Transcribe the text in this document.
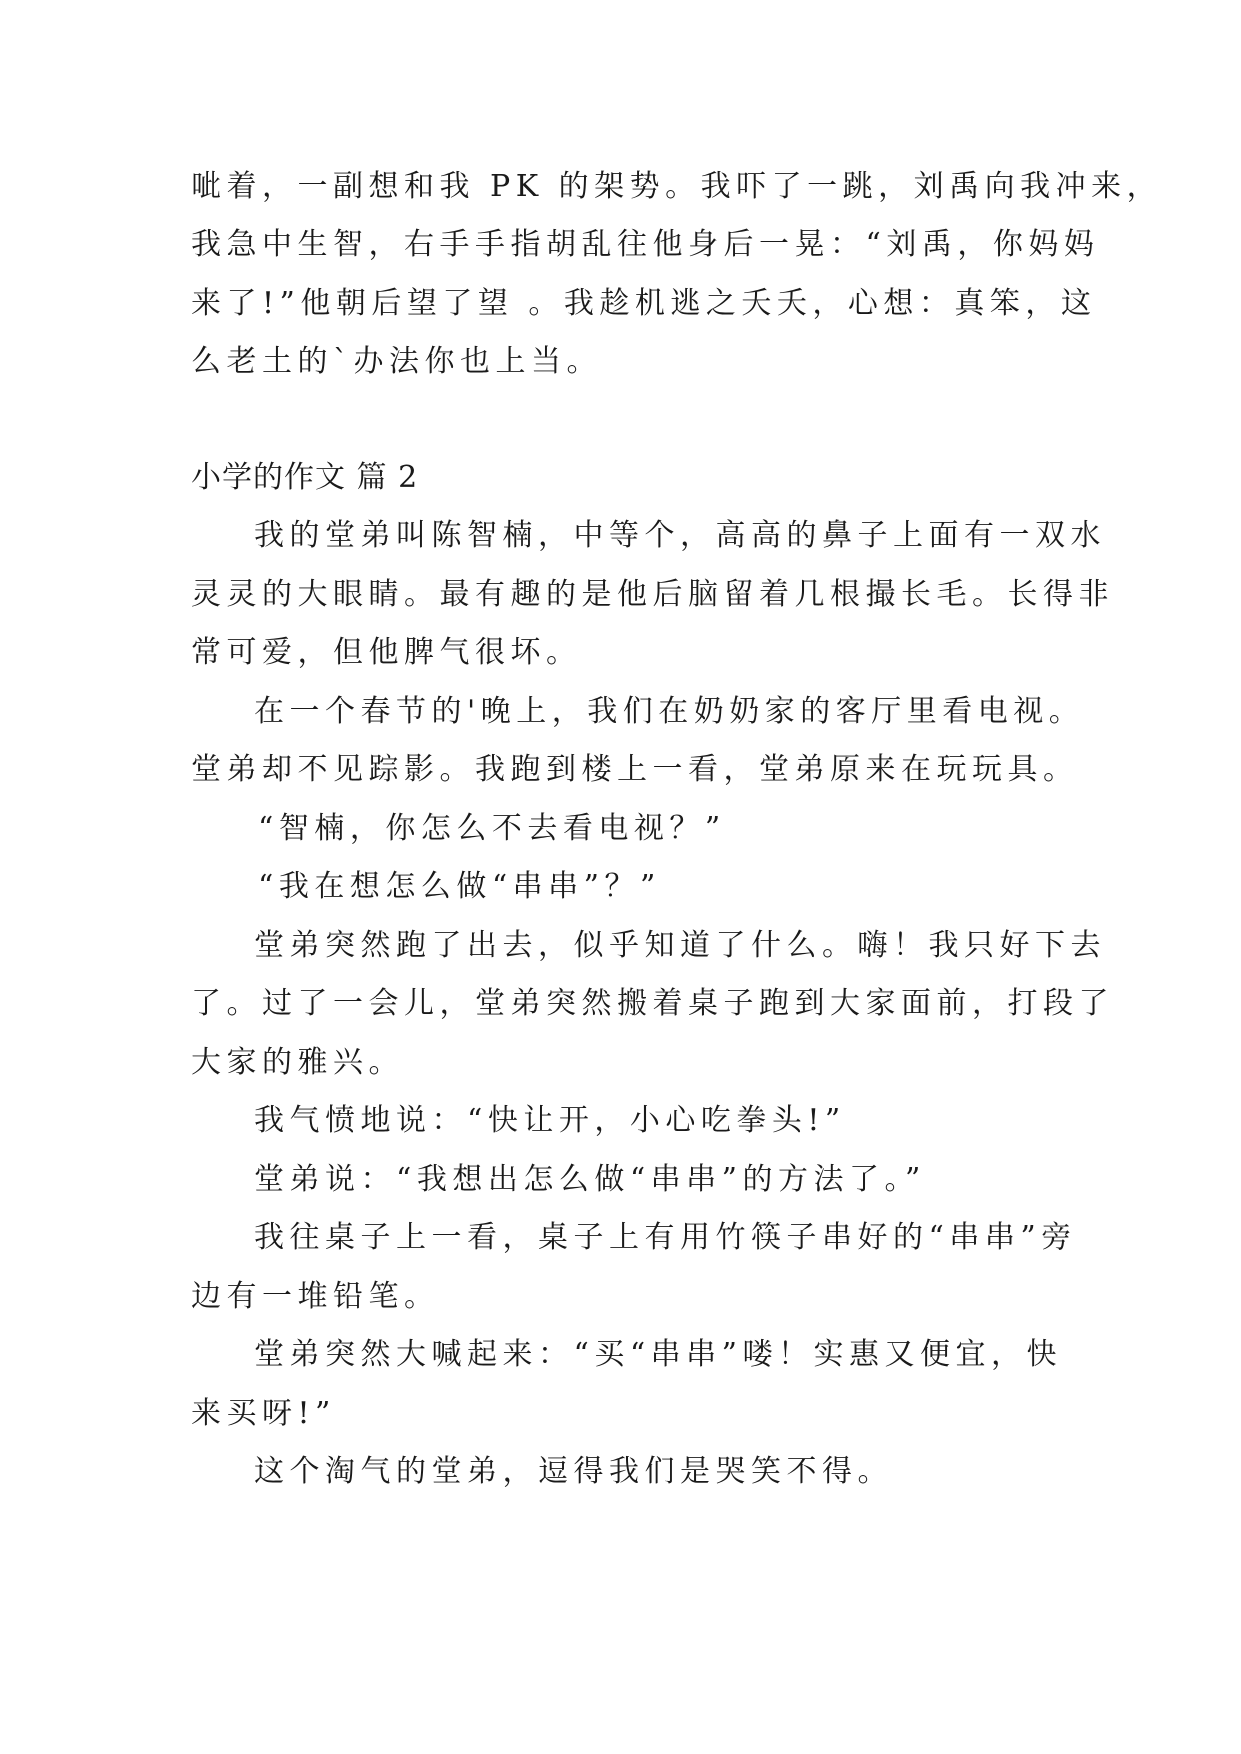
呲着，一副想和我 PK 的架势。我吓了一跳，刘禹向我冲来，
我急中生智，右手手指胡乱往他身后一晃：“刘禹，你妈妈
来了!”他朝后望了望 。我趁机逃之夭夭，心想：真笨，这
么老土的`办法你也上当。
小学的作文 篇 2
我的堂弟叫陈智楠，中等个，高高的鼻子上面有一双水
灵灵的大眼睛。最有趣的是他后脑留着几根撮长毛。长得非
常可爱，但他脾气很坏。
在一个春节的'晚上，我们在奶奶家的客厅里看电视。
堂弟却不见踪影。我跑到楼上一看，堂弟原来在玩玩具。
“智楠，你怎么不去看电视？”
“我在想怎么做“串串”？”
堂弟突然跑了出去，似乎知道了什么。嗨！我只好下去
了。过了一会儿，堂弟突然搬着桌子跑到大家面前，打段了
大家的雅兴。
我气愤地说：“快让开，小心吃拳头!”
堂弟说：“我想出怎么做“串串”的方法了。”
我往桌子上一看，桌子上有用竹筷子串好的“串串”旁
边有一堆铅笔。
堂弟突然大喊起来：“买“串串”喽！实惠又便宜，快
来买呀!”
这个淘气的堂弟，逗得我们是哭笑不得。
